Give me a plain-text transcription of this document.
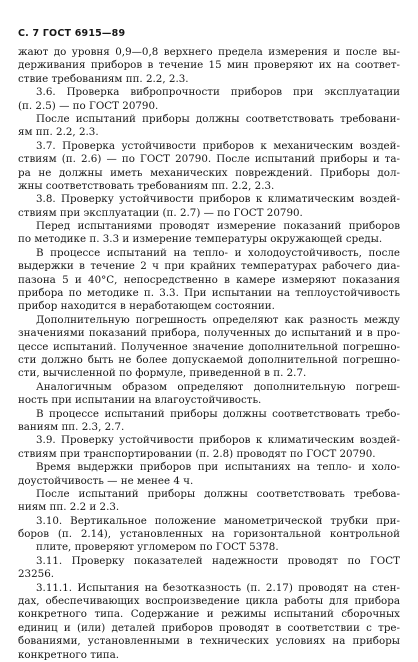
С. 7 ГОСТ 6915—89
жают до уровня 0,9—0,8 верхнего предела измерения и после вы-
держивания приборов в течение 15 мин проверяют их на соответ-
ствие требованиям пп. 2.2, 2.3.
3.6. Проверка вибропрочности приборов при эксплуатации
(п. 2.5) — по ГОСТ 20790.
После испытаний приборы должны соответствовать требовани-
ям пп. 2.2, 2.3.
3.7. Проверка устойчивости приборов к механическим воздей-
ствиям (п. 2.6) — по ГОСТ 20790. После испытаний приборы и та-
ра не должны иметь механических повреждений. Приборы дол-
жны соответствовать требованиям пп. 2.2, 2.3.
3.8. Проверку устойчивости приборов к климатическим воздей-
ствиям при эксплуатации (п. 2.7) — по ГОСТ 20790.
Перед испытаниями проводят измерение показаний приборов
по методике п. 3.3 и измерение температуры окружающей среды.
В процессе испытаний на тепло- и холодоустойчивость, после
выдержки в течение 2 ч при крайних температурах рабочего диа-
пазона 5 и 40°С, непосредственно в камере измеряют показания
прибора по методике п. 3.3. При испытании на теплоустойчивость
прибор находится в неработающем состоянии.
Дополнительную погрешность определяют как разность между
значениями показаний прибора, полученных до испытаний и в про-
цессе испытаний. Полученное значение дополнительной погрешно-
сти должно быть не более допускаемой дополнительной погрешно-
сти, вычисленной по формуле, приведенной в п. 2.7.
Аналогичным образом определяют дополнительную погреш-
ность при испытании на влагоустойчивость.
В процессе испытаний приборы должны соответствовать требо-
ваниям пп. 2.3, 2.7.
3.9. Проверку устойчивости приборов к климатическим воздей-
ствиям при транспортировании (п. 2.8) проводят по ГОСТ 20790.
Время выдержки приборов при испытаниях на тепло- и холо-
доустойчивость — не менее 4 ч.
После испытаний приборы должны соответствовать требова-
ниям пп. 2.2 и 2.3.
3.10. Вертикальное положение манометрической трубки при-
боров (п. 2.14), установленных на горизонтальной контрольной
плите, проверяют угломером по ГОСТ 5378.
3.11. Проверку показателей надежности проводят по ГОСТ
23256.
3.11.1. Испытания на безотказность (п. 2.17) проводят на стен-
дах, обеспечивающих воспроизведение цикла работы для прибора
конкретного типа. Содержание и режимы испытаний сборочных
единиц и (или) деталей приборов проводят в соответствии с тре-
бованиями, установленными в технических условиях на приборы
конкретного типа.
